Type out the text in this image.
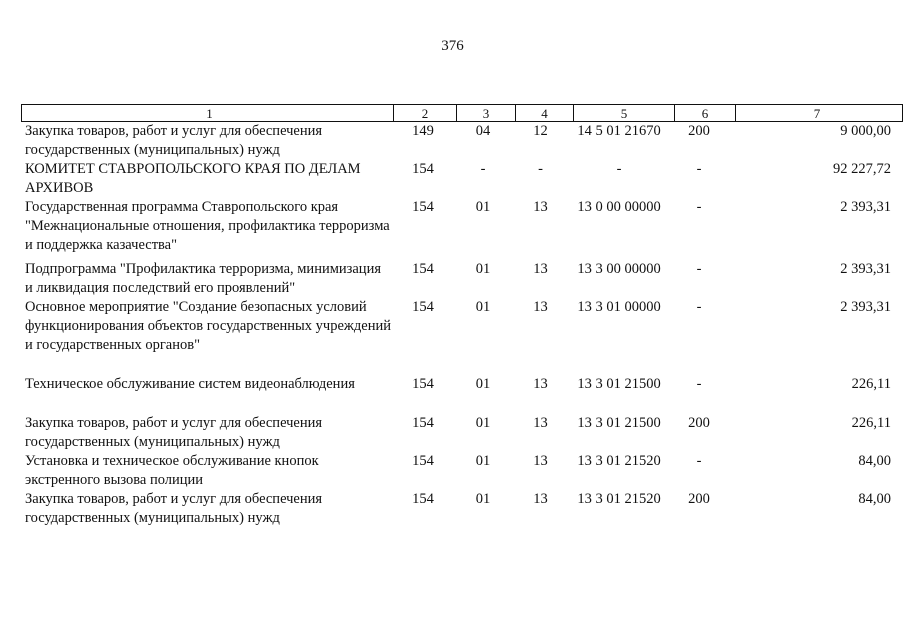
376
1	2	3	4	5	6	7
Закупка товаров, работ и услуг для обеспечения государственных (муниципальных) нужд	149	04	12	14 5 01 21670	200	9 000,00
КОМИТЕТ СТАВРОПОЛЬСКОГО КРАЯ ПО ДЕЛАМ АРХИВОВ	154	-	-	-	-	92 227,72
Государственная программа Ставропольского края "Межнациональные отношения, профилактика терроризма и поддержка казачества"	154	01	13	13 0 00 00000	-	2 393,31
Подпрограмма "Профилактика терроризма, минимизация и ликвидация последствий его проявлений"	154	01	13	13 3 00 00000	-	2 393,31
Основное мероприятие "Создание безопасных условий функционирования объектов государственных учреждений и государственных органов"	154	01	13	13 3 01 00000	-	2 393,31
Техническое обслуживание систем видеонаблюдения	154	01	13	13 3 01 21500	-	226,11
Закупка товаров, работ и услуг для обеспечения государственных (муниципальных) нужд	154	01	13	13 3 01 21500	200	226,11
Установка и техническое обслуживание кнопок экстренного вызова полиции	154	01	13	13 3 01 21520	-	84,00
Закупка товаров, работ и услуг для обеспечения государственных (муниципальных) нужд	154	01	13	13 3 01 21520	200	84,00
